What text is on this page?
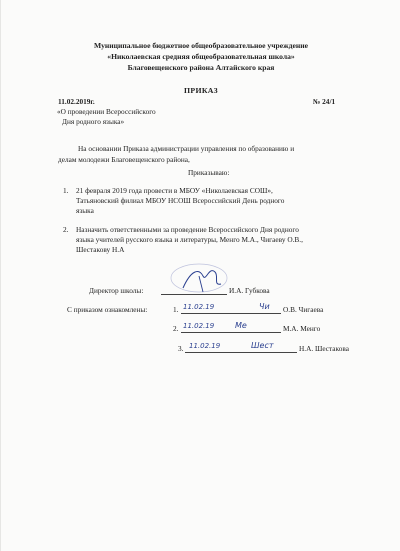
Муниципальное бюджетное общеобразовательное учреждение
«Николаевская средняя общеобразовательная школа»
Благовещенского района Алтайского края
ПРИКАЗ
11.02.2019г.	№ 24/1
«О проведении Всероссийского
Дня родного языка»
На основании Приказа администрации управления по образованию и
делам молодежи Благовещенского района,
Приказываю:
1. 21 февраля 2019 года провести в МБОУ «Николаевская СОШ»,
Татьяновский филиал МБОУ НСОШ Всероссийский День родного
языка
2. Назначить ответственными за проведение Всероссийского Дня родного
языка учителей русского языка и литературы, Менго М.А., Чигаеву О.В.,
Шестакову Н.А
Директор школы:	И.А. Губкова
С приказом ознакомлены:	1. 11.02.19	Чи О.В. Чигаева
2. 11.02.19	Ме	М.А. Менго
3. 11.02.19	Шест	Н.А. Шестакова
